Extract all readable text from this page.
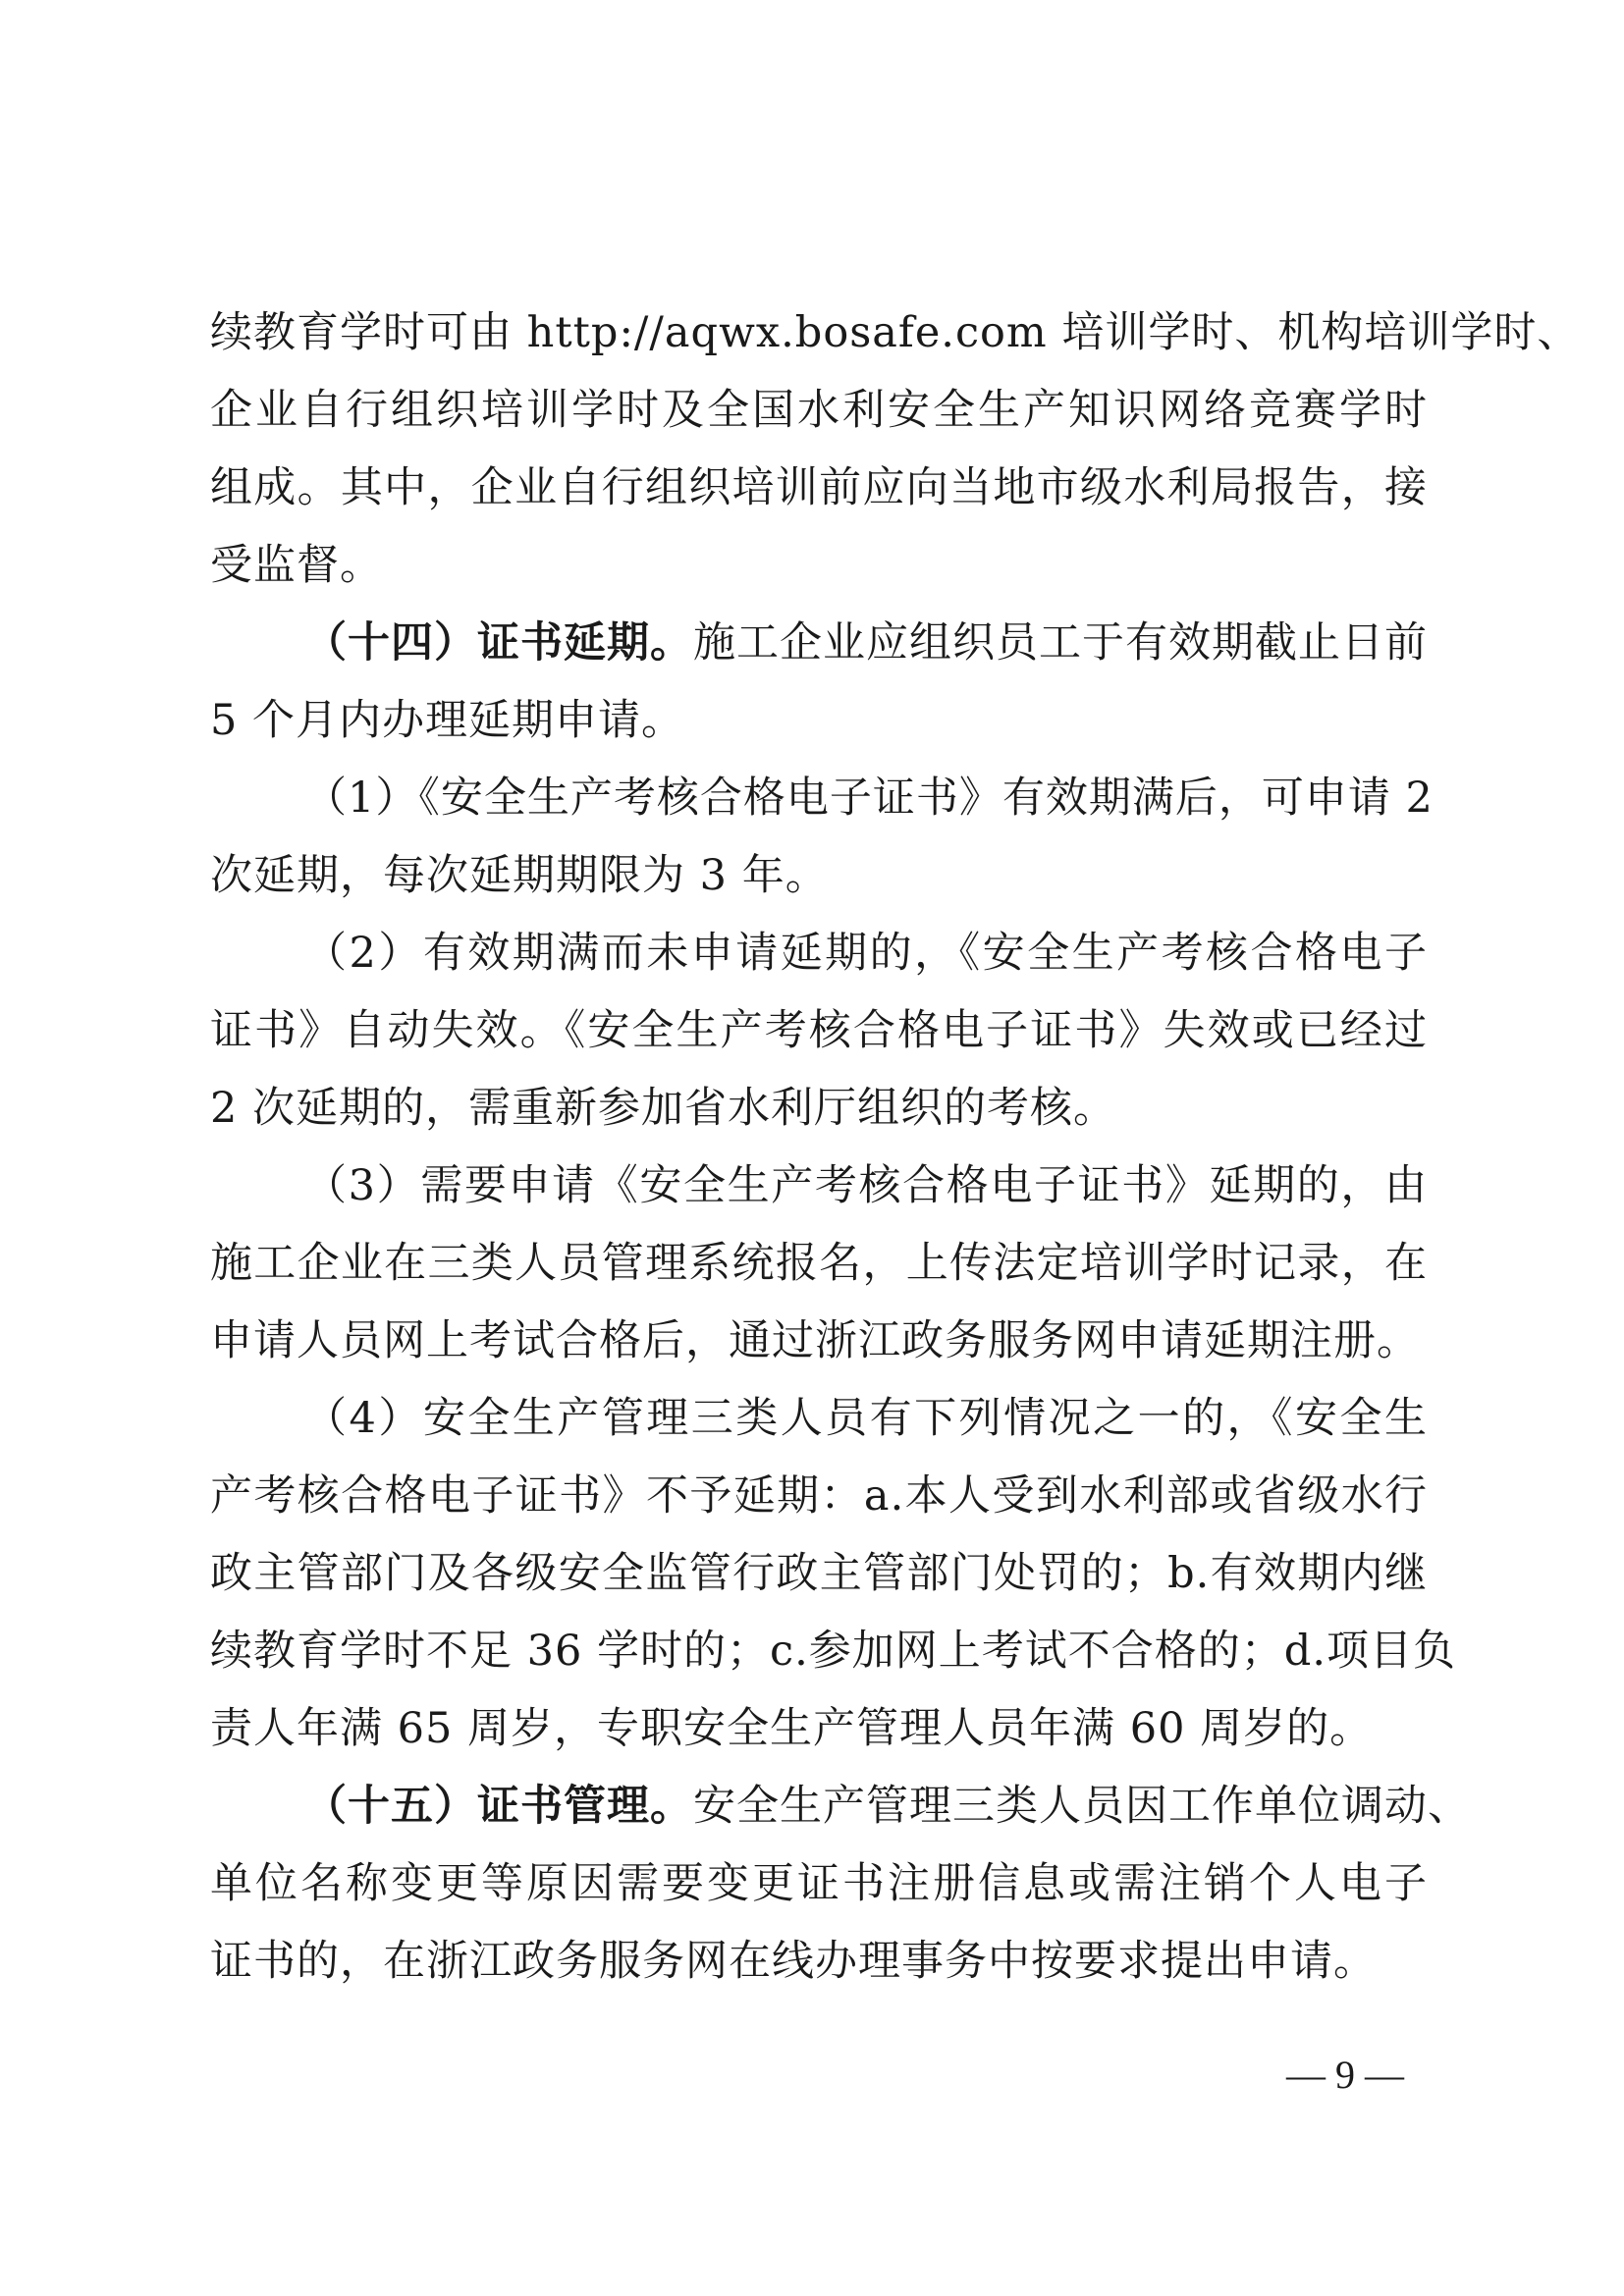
续教育学时可由 http://aqwx.bosafe.com 培训学时、机构培训学时、
企业自行组织培训学时及全国水利安全生产知识网络竞赛学时
组成。其中，企业自行组织培训前应向当地市级水利局报告，接
受监督。
（十四）证书延期。施工企业应组织员工于有效期截止日前
5 个月内办理延期申请。
（1）《安全生产考核合格电子证书》有效期满后，可申请 2
次延期，每次延期期限为 3 年。
（2）有效期满而未申请延期的，《安全生产考核合格电子
证书》自动失效。《安全生产考核合格电子证书》失效或已经过
2 次延期的，需重新参加省水利厅组织的考核。
（3）需要申请《安全生产考核合格电子证书》延期的，由
施工企业在三类人员管理系统报名，上传法定培训学时记录，在
申请人员网上考试合格后，通过浙江政务服务网申请延期注册。
（4）安全生产管理三类人员有下列情况之一的，《安全生
产考核合格电子证书》不予延期：a.本人受到水利部或省级水行
政主管部门及各级安全监管行政主管部门处罚的；b.有效期内继
续教育学时不足 36 学时的；c.参加网上考试不合格的；d.项目负
责人年满 65 周岁，专职安全生产管理人员年满 60 周岁的。
（十五）证书管理。安全生产管理三类人员因工作单位调动、
单位名称变更等原因需要变更证书注册信息或需注销个人电子
证书的，在浙江政务服务网在线办理事务中按要求提出申请。
— 9 —
